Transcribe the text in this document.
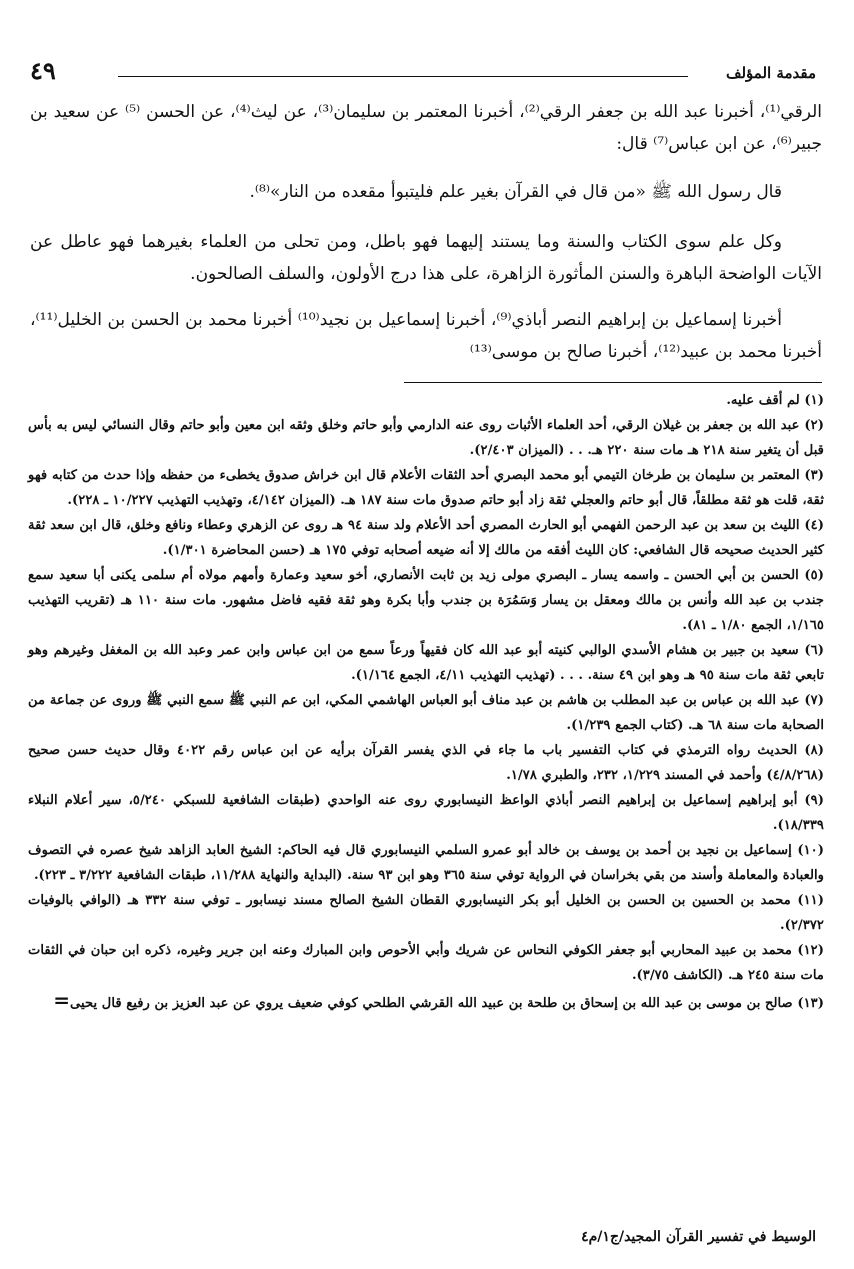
مقدمة المؤلف
٤٩

الرقي⁽¹⁾، أخبرنا عبد الله بن جعفر الرقي⁽²⁾، أخبرنا المعتمر بن سليمان⁽³⁾، عن ليث⁽⁴⁾، عن الحسن ⁽⁵⁾ عن سعيد بن جبير⁽⁶⁾، عن ابن عباس⁽⁷⁾ قال:

قال رسول الله ﷺ «من قال في القرآن بغير علم فليتبوأ مقعده من النار»⁽⁸⁾.

وكل علم سوى الكتاب والسنة وما يستند إليهما فهو باطل، ومن تحلى من العلماء بغيرهما فهو عاطل عن الآيات الواضحة الباهرة والسنن المأثورة الزاهرة، على هذا درج الأولون، والسلف الصالحون.

أخبرنا إسماعيل بن إبراهيم النصر أباذي⁽⁹⁾، أخبرنا إسماعيل بن نجيد⁽¹⁰⁾ أخبرنا محمد بن الحسن بن الخليل⁽¹¹⁾، أخبرنا محمد بن عبيد⁽¹²⁾، أخبرنا صالح بن موسى⁽¹³⁾

(١) لم أقف عليه.
(٢) عبد الله بن جعفر بن غيلان الرقي، أحد العلماء الأثبات روى عنه الدارمي وأبو حاتم وخلق وثقه ابن معين وأبو حاتم وقال النسائي ليس به بأس قبل أن يتغير سنة ٢١٨ هـ مات سنة ٢٢٠ هـ. . . (الميزان ٢/٤٠٣).
(٣) المعتمر بن سليمان بن طرخان التيمي أبو محمد البصري أحد الثقات الأعلام قال ابن خراش صدوق يخطىء من حفظه وإذا حدث من كتابه فهو ثقة، قلت هو ثقة مطلقاً، قال أبو حاتم والعجلي ثقة زاد أبو حاتم صدوق مات سنة ١٨٧ هـ. (الميزان ٤/١٤٢، وتهذيب التهذيب ١٠/٢٢٧ ـ ٢٢٨).
(٤) الليث بن سعد بن عبد الرحمن الفهمي أبو الحارث المصري أحد الأعلام ولد سنة ٩٤ هـ روى عن الزهري وعطاء ونافع وخلق، قال ابن سعد ثقة كثير الحديث صحيحه قال الشافعي: كان الليث أفقه من مالك إلا أنه ضيعه أصحابه توفي ١٧٥ هـ (حسن المحاضرة ١/٣٠١).
(٥) الحسن بن أبي الحسن ـ واسمه يسار ـ البصري مولى زيد بن ثابت الأنصاري، أخو سعيد وعمارة وأمهم مولاه أم سلمى يكنى أبا سعيد سمع جندب بن عبد الله وأنس بن مالك ومعقل بن يسار وَسَمُرَة بن جندب وأبا بكرة وهو ثقة فقيه فاضل مشهور. مات سنة ١١٠ هـ (تقريب التهذيب ١/١٦٥، الجمع ١/٨٠ ـ ٨١).
(٦) سعيد بن جبير بن هشام الأسدي الوالبي كنيته أبو عبد الله كان فقيهاً ورعاً سمع من ابن عباس وابن عمر وعبد الله بن المغفل وغيرهم وهو تابعي ثقة مات سنة ٩٥ هـ وهو ابن ٤٩ سنة. . . . (تهذيب التهذيب ٤/١١، الجمع ١/١٦٤).
(٧) عبد الله بن عباس بن عبد المطلب بن هاشم بن عبد مناف أبو العباس الهاشمي المكي، ابن عم النبي ﷺ سمع النبي ﷺ وروى عن جماعة من الصحابة مات سنة ٦٨ هـ. (كتاب الجمع ١/٢٣٩).
(٨) الحديث رواه الترمذي في كتاب التفسير باب ما جاء في الذي يفسر القرآن برأيه عن ابن عباس رقم ٤٠٢٢ وقال حديث حسن صحيح (٤/٨/٢٦٨) وأحمد في المسند ١/٢٢٩، ٢٣٢، والطبري ١/٧٨.
(٩) أبو إبراهيم إسماعيل بن إبراهيم النصر أباذي الواعظ النيسابوري روى عنه الواحدي (طبقات الشافعية للسبكي ٥/٢٤٠، سير أعلام النبلاء ١٨/٣٣٩).
(١٠) إسماعيل بن نجيد بن أحمد بن يوسف بن خالد أبو عمرو السلمي النيسابوري قال فيه الحاكم: الشيخ العابد الزاهد شيخ عصره في التصوف والعبادة والمعاملة وأسند من بقي بخراسان في الرواية توفي سنة ٣٦٥ وهو ابن ٩٣ سنة. (البداية والنهاية ١١/٢٨٨، طبقات الشافعية ٣/٢٢٢ ـ ٢٢٣).
(١١) محمد بن الحسين بن الحسن بن الخليل أبو بكر النيسابوري القطان الشيخ الصالح مسند نيسابور ـ توفي سنة ٣٣٢ هـ (الوافي بالوفيات ٢/٣٧٢).
(١٢) محمد بن عبيد المحاربي أبو جعفر الكوفي النحاس عن شريك وأبي الأحوص وابن المبارك وعنه ابن جرير وغيره، ذكره ابن حبان في الثقات مات سنة ٢٤٥ هـ. (الكاشف ٣/٧٥).
(١٣) صالح بن موسى بن عبد الله بن إسحاق بن طلحة بن عبيد الله القرشي الطلحي كوفي ضعيف يروي عن عبد العزيز بن رفيع قال يحيى=
الوسيط في تفسير القرآن المجيد/ج١/م٤
